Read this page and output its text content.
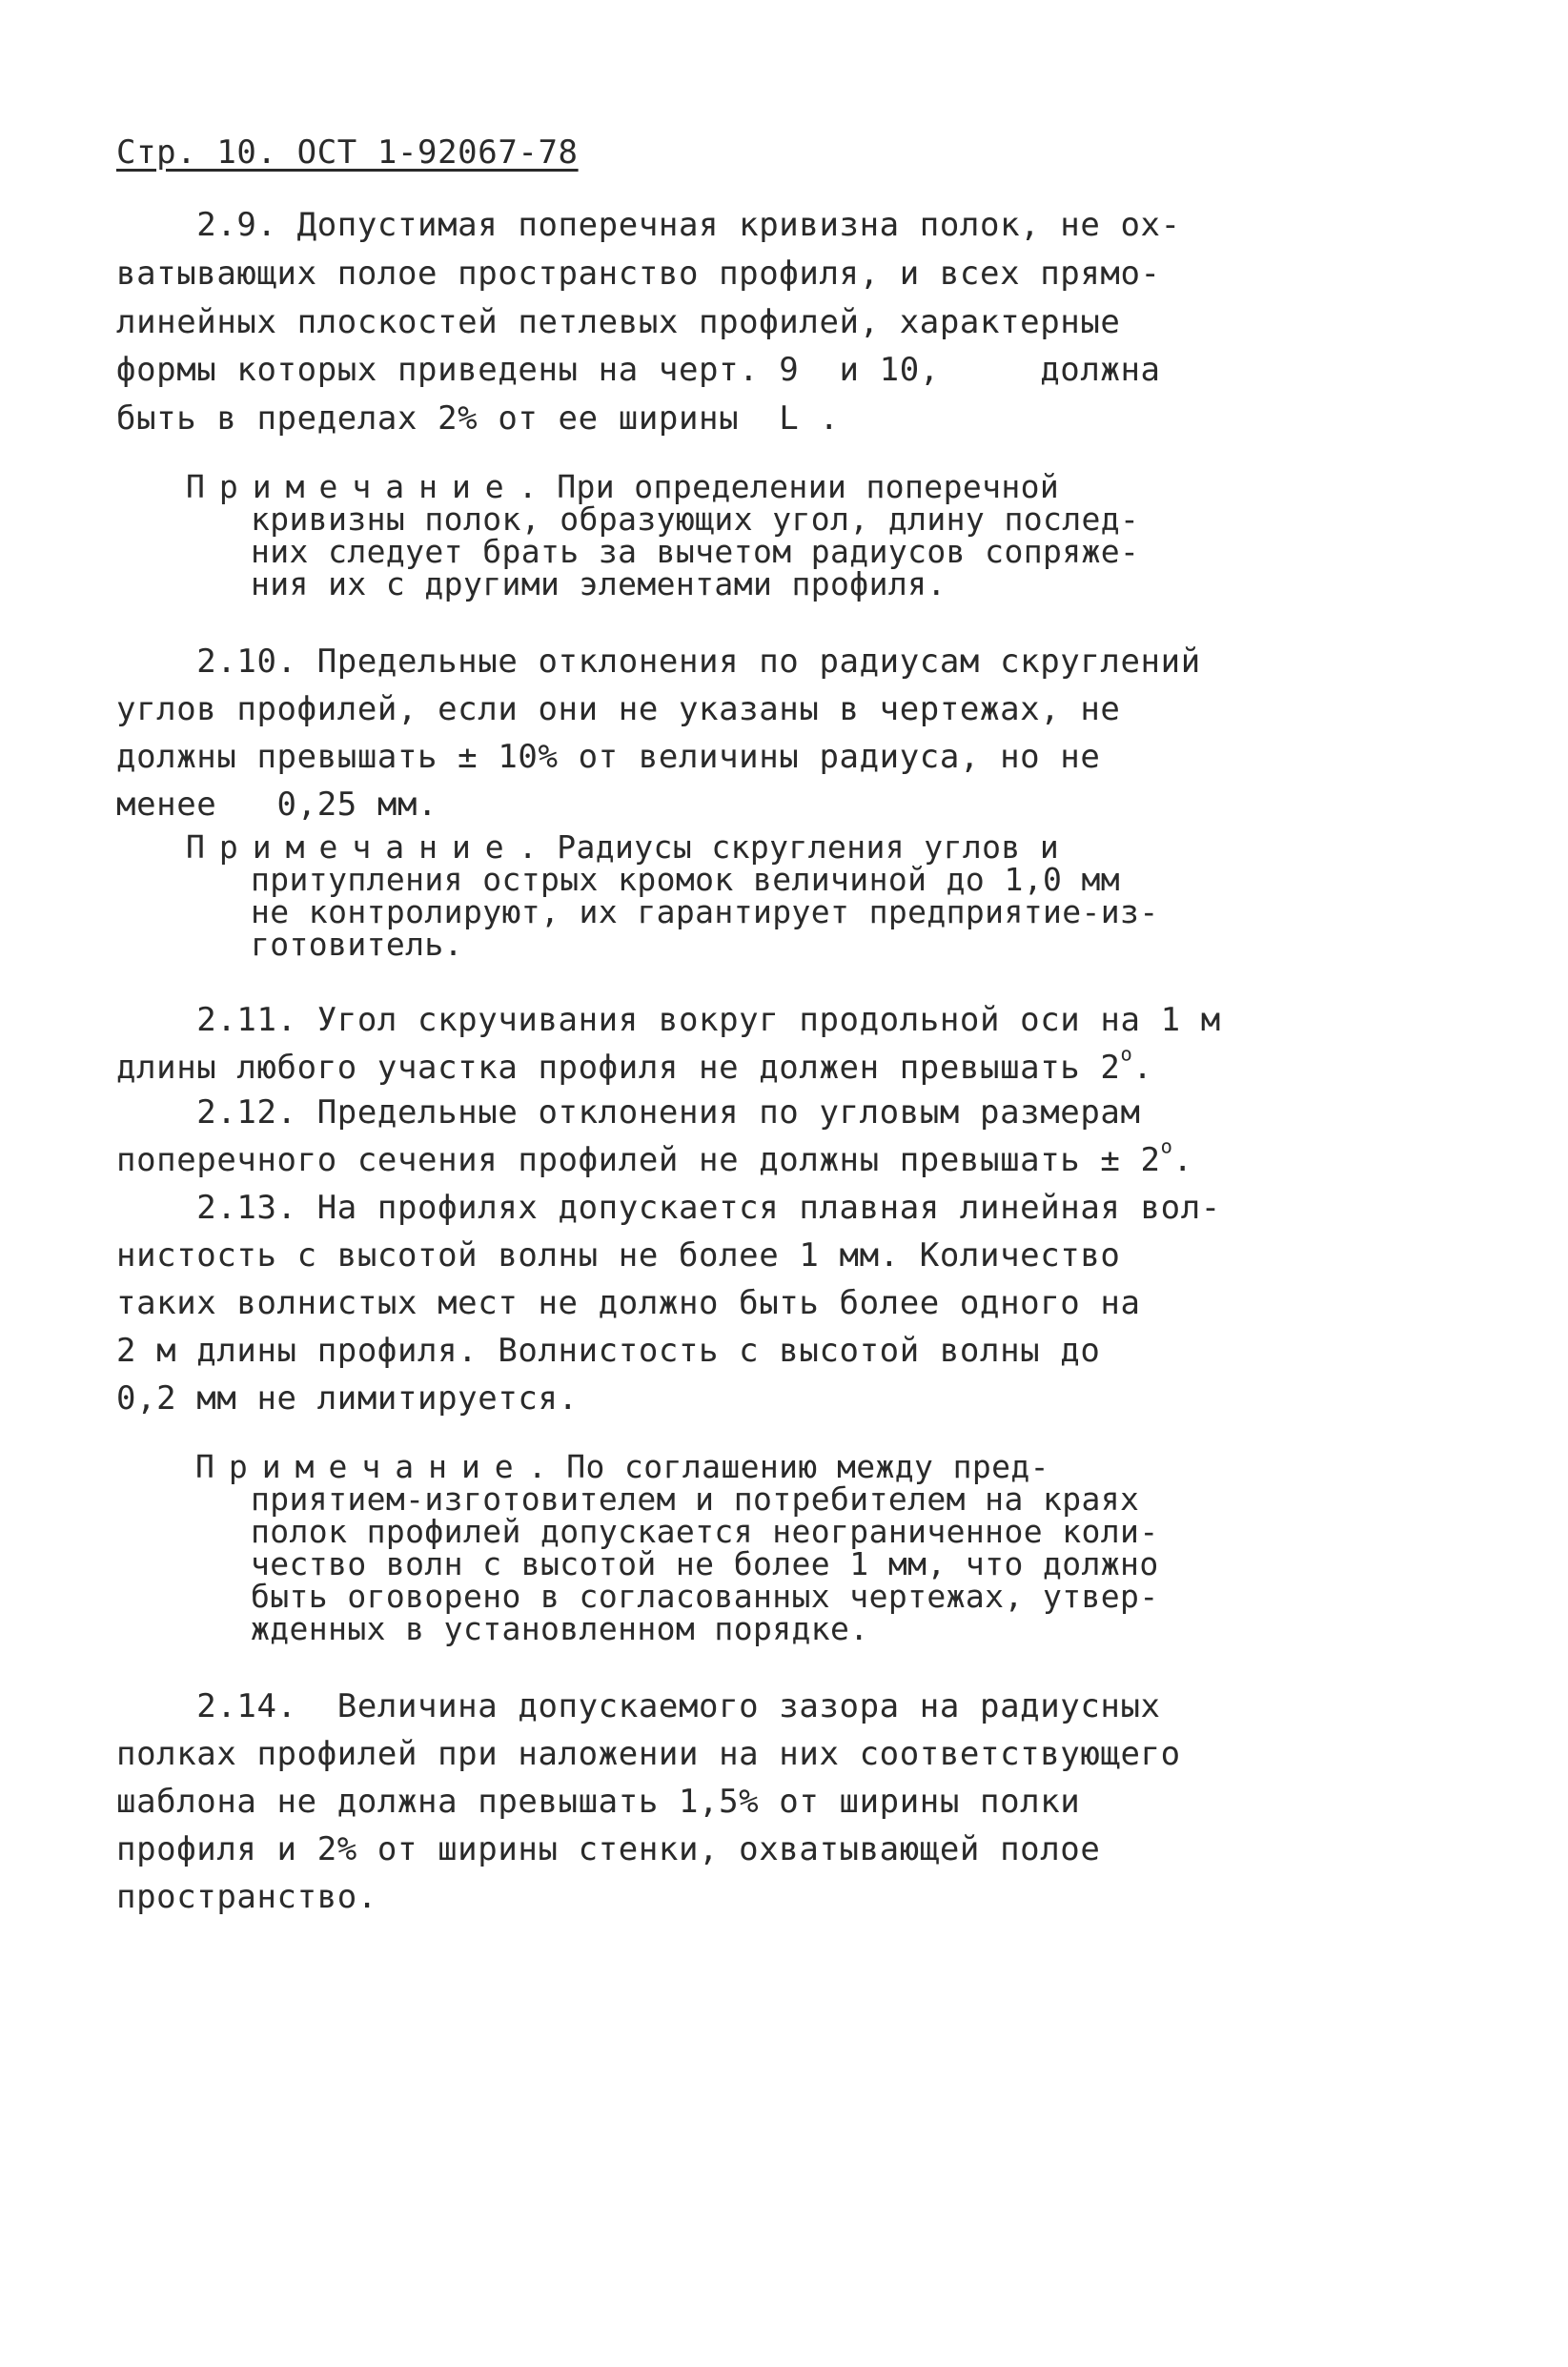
Стр. 10. ОСТ 1-92067-78
2.9. Допустимая поперечная кривизна полок, не ох-
ватывающих полое пространство профиля, и всех прямо-
линейных плоскостей петлевых профилей, характерные
формы которых приведены на черт. 9  и 10,     должна
быть в пределах 2% от ее ширины  L .
Примечание. При определении поперечной
кривизны полок, образующих угол, длину послед-
них следует брать за вычетом радиусов сопряже-
ния их с другими элементами профиля.
2.10. Предельные отклонения по радиусам скруглений
углов профилей, если они не указаны в чертежах, не
должны превышать ± 10% от величины радиуса, но не
менее   0,25 мм.
Примечание. Радиусы скругления углов и
притупления острых кромок величиной до 1,0 мм
не контролируют, их гарантирует предприятие-из-
готовитель.
2.11. Угол скручивания вокруг продольной оси на 1 м
длины любого участка профиля не должен превышать $2^о$.
2.12. Предельные отклонения по угловым размерам
поперечного сечения профилей не должны превышать ± $2^о$.
2.13. На профилях допускается плавная линейная вол-
нистость с высотой волны не более 1 мм. Количество
таких волнистых мест не должно быть более одного на
2 м длины профиля. Волнистость с высотой волны до
0,2 мм не лимитируется.
Примечание. По соглашению между пред-
приятием-изготовителем и потребителем на краях
полок профилей допускается неограниченное коли-
чество волн с высотой не более 1 мм, что должно
быть оговорено в согласованных чертежах, утвер-
жденных в установленном порядке.
2.14.  Величина допускаемого зазора на радиусных
полках профилей при наложении на них соответствующего
шаблона не должна превышать 1,5% от ширины полки
профиля и 2% от ширины стенки, охватывающей полое
пространство.
